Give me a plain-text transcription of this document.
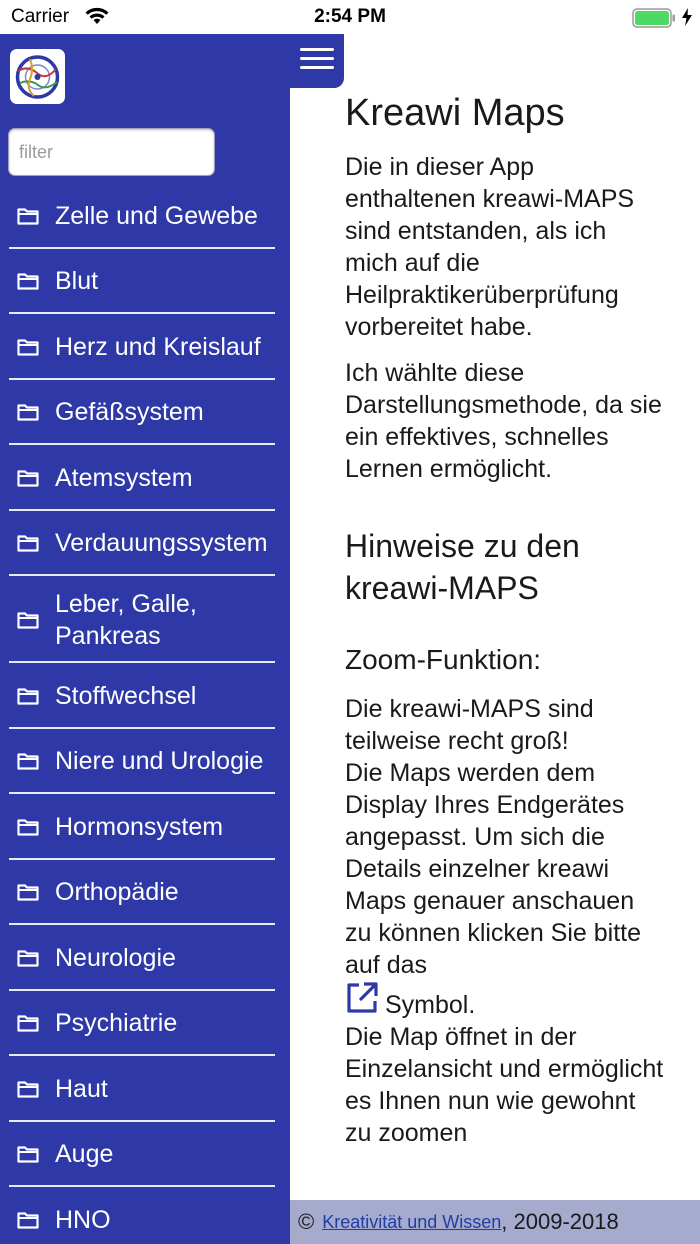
Carrier	2:54 PM
filter
Zelle und Gewebe
Blut
Herz und Kreislauf
Gefäßsystem
Atemsystem
Verdauungssystem
Leber, Galle, Pankreas
Stoffwechsel
Niere und Urologie
Hormonsystem
Orthopädie
Neurologie
Psychiatrie
Haut
Auge
HNO
Kreawi Maps

Die in dieser App enthaltenen kreawi-MAPS sind entstanden, als ich mich auf die Heilpraktikerüberprüfung vorbereitet habe.

Ich wählte diese Darstellungsmethode, da sie ein effektives, schnelles Lernen ermöglicht.

Hinweise zu den kreawi-MAPS
Zoom-Funktion:
Die kreawi-MAPS sind teilweise recht groß!
Die Maps werden dem Display Ihres Endgerätes angepasst. Um sich die Details einzelner kreawi Maps genauer anschauen zu können klicken Sie bitte auf das
Symbol.
Die Map öffnet in der Einzelansicht und ermöglicht es Ihnen nun wie gewohnt zu zoomen
© Kreativität und Wissen , 2009-2018
